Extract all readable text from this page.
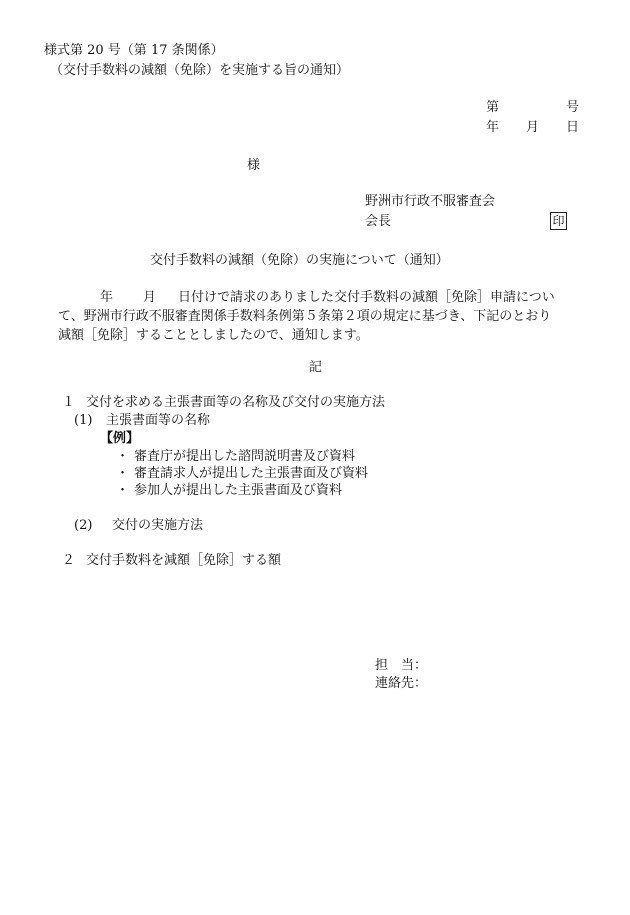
様式第 20 号（第 17 条関係）
（交付手数料の減額（免除）を実施する旨の通知）
第	号
年 月 日
様
野洲市行政不服審査会
会長	印
交付手数料の減額（免除）の実施について（通知）
年 月 日付けで請求のありました交付手数料の減額［免除］申請につい
て、野洲市行政不服審査関係手数料条例第５条第２項の規定に基づき、下記のとおり
減額［免除］することとしましたので、通知します。
記
１ 交付を求める主張書面等の名称及び交付の実施方法
(1) 主張書面等の名称
【例】
・ 審査庁が提出した諮問説明書及び資料
・ 審査請求人が提出した主張書面及び資料
・ 参加人が提出した主張書面及び資料
(2) 交付の実施方法
２ 交付手数料を減額［免除］する額
担　当：
連絡先：
